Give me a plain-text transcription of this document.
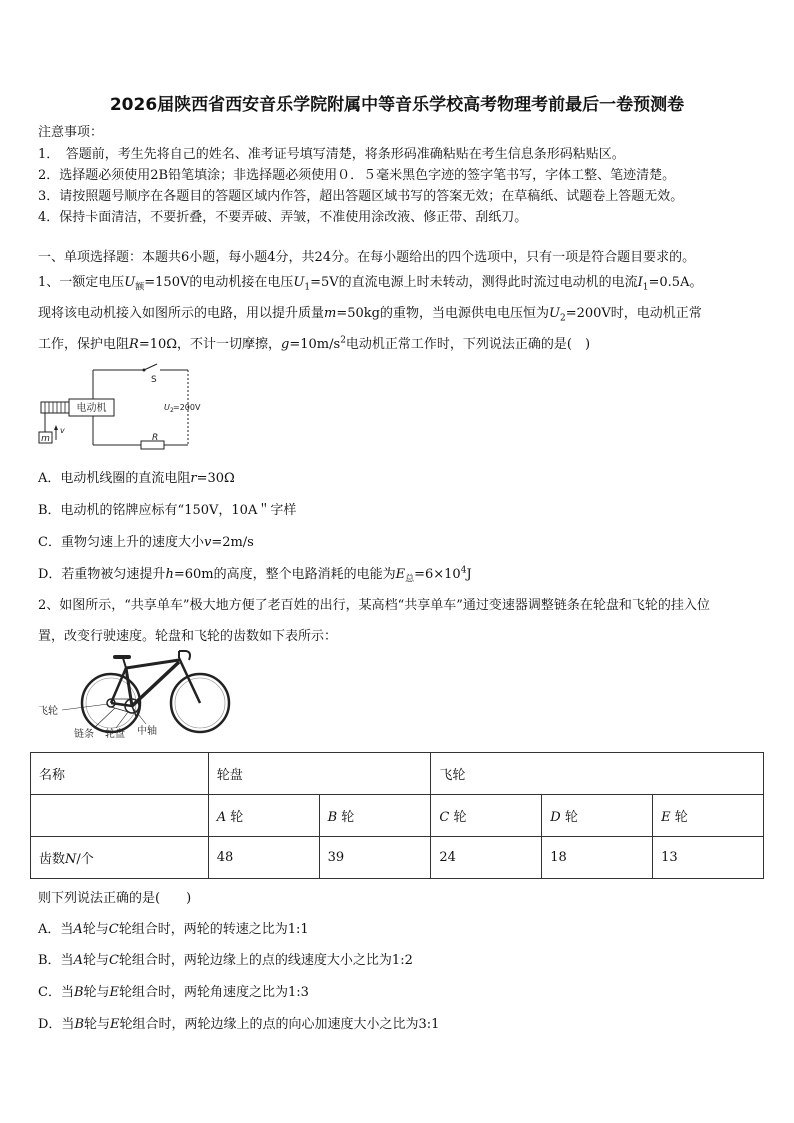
2026届陕西省西安音乐学院附属中等音乐学校高考物理考前最后一卷预测卷
注意事项：
1．　答题前，考生先将自己的姓名、准考证号填写清楚，将条形码准确粘贴在考生信息条形码粘贴区。
2．选择题必须使用2B铅笔填涂；非选择题必须使用０．５毫米黑色字迹的签字笔书写，字体工整、笔迹清楚。
3．请按照题号顺序在各题目的答题区域内作答，超出答题区域书写的答案无效；在草稿纸、试题卷上答题无效。
4．保持卡面清洁，不要折叠，不要弄破、弄皱，不准使用涂改液、修正带、刮纸刀。
一、单项选择题：本题共6小题，每小题4分，共24分。在每小题给出的四个选项中，只有一项是符合题目要求的。
1、一额定电压$U_额=150V$的电动机接在电压$U_1=5V$的直流电源上时未转动，测得此时流过电动机的电流$I_1=0.5A$。
现将该电动机接入如图所示的电路，用以提升质量m=50kg的重物，当电源供电电压恒为$U_2=200V$时，电动机正常
工作，保护电阻R=10Ω，不计一切摩擦，$g=10m/s^2$电动机正常工作时，下列说法正确的是(　)
电动机
m
v
S
R
U 2 =200V
A．电动机线圈的直流电阻r=30Ω
B．电动机的铭牌应标有“150V，10A＂字样
C．重物匀速上升的速度大小v=2m/s
D．若重物被匀速提升h=60m的高度，整个电路消耗的电能为$E_总=6\times 10^4J$
2、如图所示，“共享单车”极大地方便了老百姓的出行，某高档“共享单车”通过变速器调整链条在轮盘和飞轮的挂入位
置，改变行驶速度。轮盘和飞轮的齿数如下表所示：
飞轮
链条 轮盘 中轴
名称	轮盘		飞轮		
	A 轮	B 轮	C 轮	D 轮	E 轮
齿数N/个	48	39	24	18	13
则下列说法正确的是(　　)
A．当A轮与C轮组合时，两轮的转速之比为1:1
B．当A轮与C轮组合时，两轮边缘上的点的线速度大小之比为1:2
C．当B轮与E轮组合时，两轮角速度之比为1:3
D．当B轮与E轮组合时，两轮边缘上的点的向心加速度大小之比为3:1
